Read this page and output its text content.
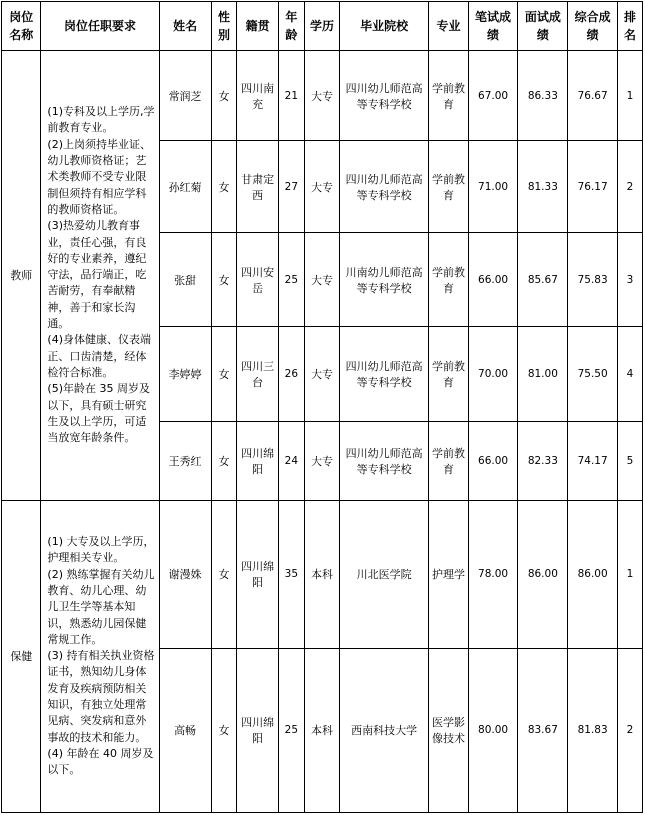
岗位名称	岗位任职要求	姓名	性别	籍贯	年龄	学历	毕业院校	专业	笔试成绩	面试成绩	综合成绩	排名
教师	(1)专科及以上学历,学前教育专业。
(2)上岗须持毕业证、幼儿教师资格证；艺术类教师不受专业限制但须持有相应学科的教师资格证。
(3)热爱幼儿教育事业，责任心强，有良好的专业素养，遵纪守法，品行端正，吃苦耐劳，有奉献精神，善于和家长沟通。
(4)身体健康、仪表端正、口齿清楚，经体检符合标准。
(5)年龄在 35 周岁及以下，具有硕士研究生及以上学历，可适当放宽年龄条件。	常润芝	女	四川南充	21	大专	四川幼儿师范高等专科学校	学前教育	67.00	86.33	76.67	1
		孙红菊	女	甘肃定西	27	大专	四川幼儿师范高等专科学校	学前教育	71.00	81.33	76.17	2
		张甜	女	四川安岳	25	大专	川南幼儿师范高等专科学校	学前教育	66.00	85.67	75.83	3
		李婷婷	女	四川三台	26	大专	四川幼儿师范高等专科学校	学前教育	70.00	81.00	75.50	4
		王秀红	女	四川绵阳	24	大专	四川幼儿师范高等专科学校	学前教育	66.00	82.33	74.17	5
保健	(1) 大专及以上学历，护理相关专业。
(2) 熟练掌握有关幼儿教育、幼儿心理、幼儿卫生学等基本知识，熟悉幼儿园保健常规工作。
(3) 持有相关执业资格证书，熟知幼儿身体发育及疾病预防相关知识，有独立处理常见病、突发病和意外事故的技术和能力。
(4) 年龄在 40 周岁及以下。	谢漫姝	女	四川绵阳	35	本科	川北医学院	护理学	78.00	86.00	86.00	1
		高畅	女	四川绵阳	25	本科	西南科技大学	医学影像技术	80.00	83.67	81.83	2
